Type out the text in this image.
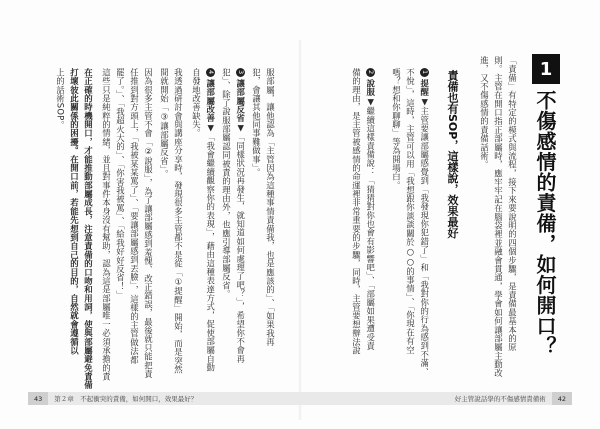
1
不傷感情的責備，如何開口？
「責備」有特定的模式與流程，接下來要說明的四個步驟，是責備最基本的原
則。主管在開口指正部屬時，應牢牢記在腦袋裡並融會貫通，學會如何讓部屬主動改
進，又不傷感情的責備話術。
責備也有SOP，這樣說，效果最好
1提醒▼主管要讓部屬感覺到「我發現你犯錯了」和「我對你的行為感到不滿、
不悅」，這時，主管可以用「我想跟你談談關於○○的事情」、「你現在有空
嗎？想和你聊聊」等為開場白。
2說服▼繼續這樣責備說：「猜猜對你也會有影響吧」、「部屬如果遭受責
備的理由，是主管被感情的命運裡非常重要的步驟，同時，主管要想辦法說
服部屬，讓他認為「主管因為這種事情責備我，也是應該的」、「如果我再
犯，會讓其他同事難做事」。
3讓部屬反省▼「同樣狀況再發生，就知道如何處理了吧？」，希望你不會再
犯」、除了說服部屬認同被責的理由外，也應引導部屬反省。
4讓部屬改善▼「我會繼續觀察你的表現」，藉由這種表達方式，促使部屬自動
自發地改善缺失。
我透過研討會與講座分享時，發現很多主管都不是從「①提醒」開始，而是突然
間就開始「③讓部屬反省」。
因為很多主管不會「②說服」，為了讓部屬感到羞愧、改正錯誤，最後就只能把責
任推到對方頭上，「我被某某罵了」、「要讓部屬感到丟臉」，這樣的主管做法都
罷了。」、「我超火大的」、「你害我被罵」、「給我好好反省！」
這些只是純粹的情緒，並且對事件本身沒有幫助，認為這是部屬唯一必須承擔的責
在正確的時機開口，才能推動部屬成長，注意責備的口吻和用詞，使與部屬避免責備
打壞彼此關係的困擾。在開口前，若能先想到自己的目的，自然就會遵循以
上的話術SOP。
43	第２章　不起衝突的責備，如何開口，效果最好？	好主管說話學的不傷感情責備術	42
